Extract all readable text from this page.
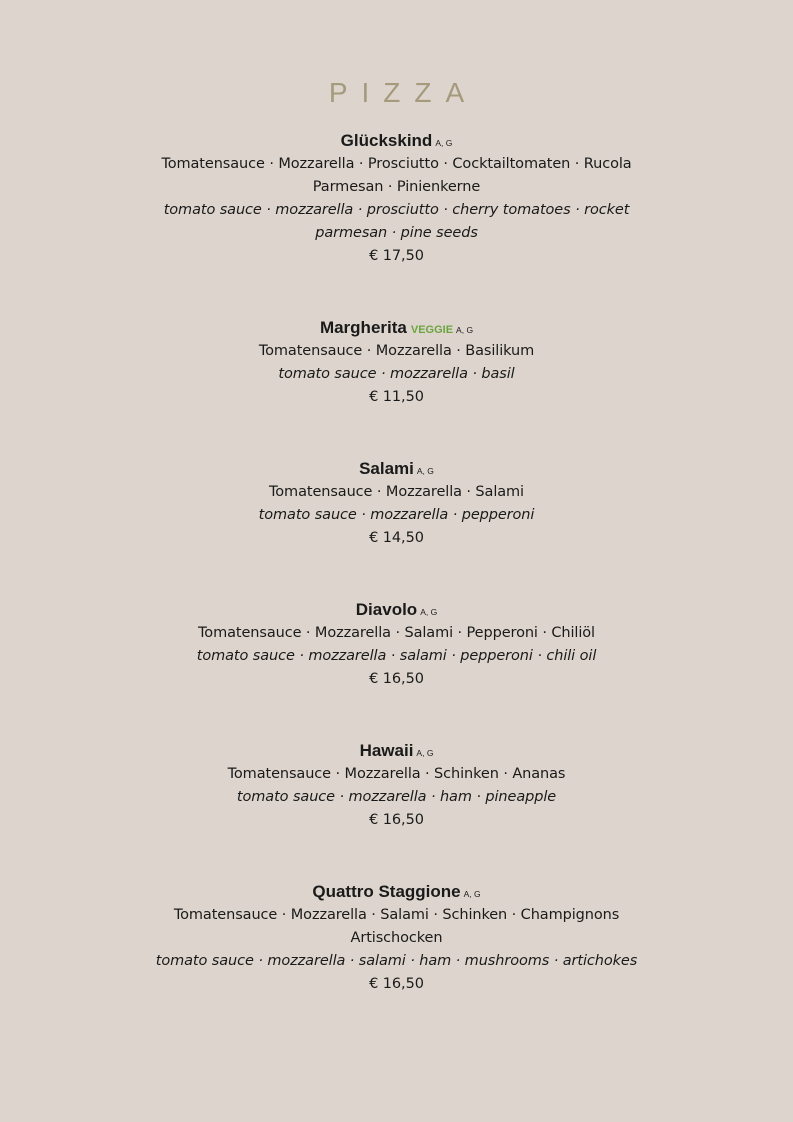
PIZZA
Glückskind A, G
Tomatensauce · Mozzarella · Prosciutto · Cocktailtomaten · Rucola
Parmesan · Pinienkerne
tomato sauce · mozzarella · prosciutto · cherry tomatoes · rocket
parmesan · pine seeds
€ 17,50
Margherita VEGGIE A, G
Tomatensauce · Mozzarella · Basilikum
tomato sauce · mozzarella · basil
€ 11,50
Salami A, G
Tomatensauce · Mozzarella · Salami
tomato sauce · mozzarella · pepperoni
€ 14,50
Diavolo A, G
Tomatensauce · Mozzarella · Salami · Pepperoni · Chiliöl
tomato sauce · mozzarella · salami · pepperoni · chili oil
€ 16,50
Hawaii A, G
Tomatensauce · Mozzarella · Schinken · Ananas
tomato sauce · mozzarella · ham · pineapple
€ 16,50
Quattro Staggione A, G
Tomatensauce · Mozzarella · Salami · Schinken · Champignons
Artischocken
tomato sauce · mozzarella · salami · ham · mushrooms · artichokes
€ 16,50
